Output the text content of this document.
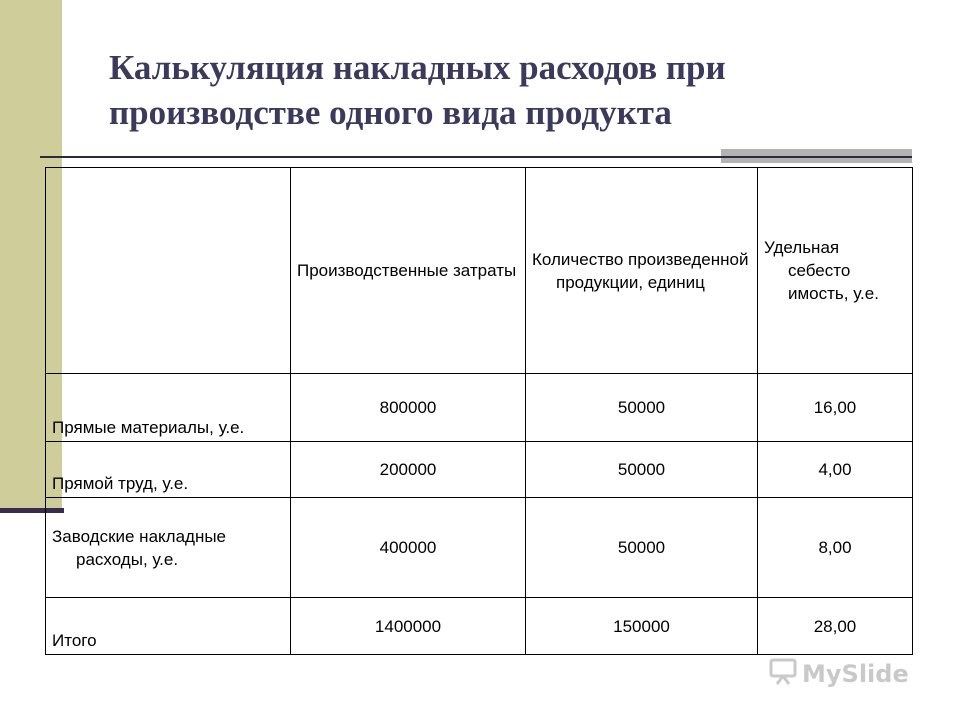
Калькуляция накладных расходов при производстве одного вида продукта
	Производственные затраты	Количество произведенной продукции, единиц	Удельная себесто имость, у.е.
Прямые материалы, у.е.	800000	50000	16,00
Прямой труд, у.е.	200000	50000	4,00
Заводские накладные расходы, у.е.	400000	50000	8,00
Итого	1400000	150000	28,00
MySlide
